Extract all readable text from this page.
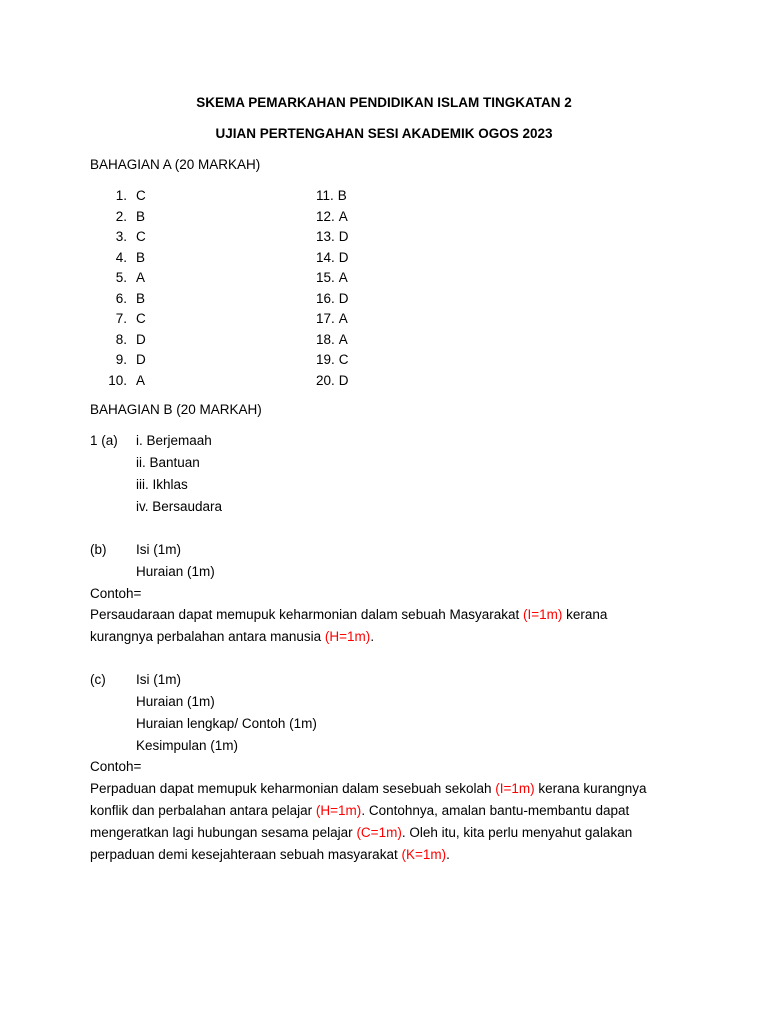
SKEMA PEMARKAHAN PENDIDIKAN ISLAM TINGKATAN 2
UJIAN PERTENGAHAN SESI AKADEMIK OGOS 2023
BAHAGIAN A (20 MARKAH)
1. C
2. B
3. C
4. B
5. A
6. B
7. C
8. D
9. D
10. A
11. B
12. A
13. D
14. D
15. A
16. D
17. A
18. A
19. C
20. D
BAHAGIAN B (20 MARKAH)
1 (a) i. Berjemaah
ii. Bantuan
iii. Ikhlas
iv. Bersaudara
(b) Isi (1m)
Huraian (1m)
Contoh=
Persaudaraan dapat memupuk keharmonian dalam sebuah Masyarakat (I=1m) kerana
kurangnya perbalahan antara manusia (H=1m).
(c) Isi (1m)
Huraian (1m)
Huraian lengkap/ Contoh (1m)
Kesimpulan (1m)
Contoh=
Perpaduan dapat memupuk keharmonian dalam sesebuah sekolah (I=1m) kerana kurangnya
konflik dan perbalahan antara pelajar (H=1m). Contohnya, amalan bantu-membantu dapat
mengeratkan lagi hubungan sesama pelajar (C=1m). Oleh itu, kita perlu menyahut galakan
perpaduan demi kesejahteraan sebuah masyarakat (K=1m).
